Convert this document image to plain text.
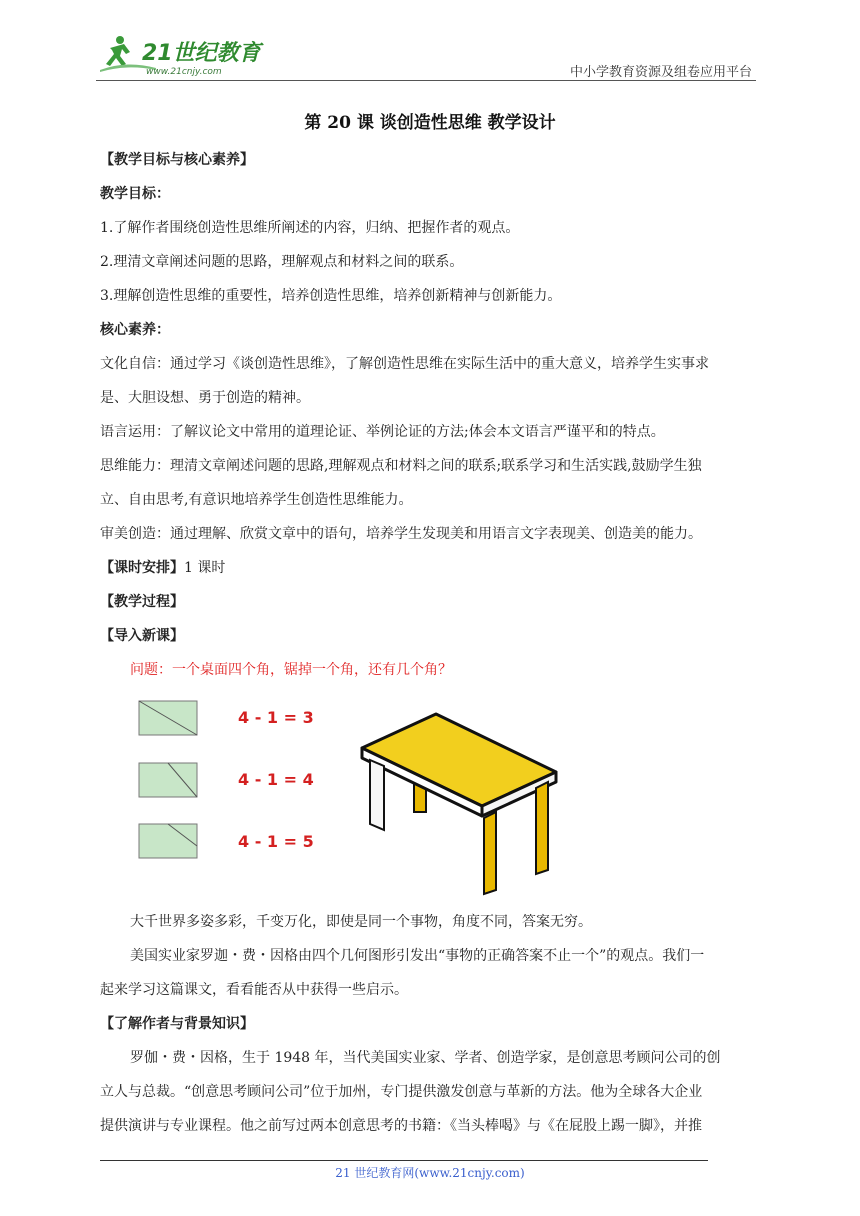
21世纪教育
www.21cnjy.com	中小学教育资源及组卷应用平台
第 20 课 谈创造性思维 教学设计
【教学目标与核心素养】
教学目标：
1.了解作者围绕创造性思维所阐述的内容，归纳、把握作者的观点。
2.理清文章阐述问题的思路，理解观点和材料之间的联系。
3.理解创造性思维的重要性，培养创造性思维，培养创新精神与创新能力。
核心素养：
文化自信：通过学习《谈创造性思维》，了解创造性思维在实际生活中的重大意义，培养学生实事求
是、大胆设想、勇于创造的精神。
语言运用：了解议论文中常用的道理论证、举例论证的方法;体会本文语言严谨平和的特点。
思维能力：理清文章阐述问题的思路,理解观点和材料之间的联系;联系学习和生活实践,鼓励学生独
立、自由思考,有意识地培养学生创造性思维能力。
审美创造：通过理解、欣赏文章中的语句，培养学生发现美和用语言文字表现美、创造美的能力。
【课时安排】1 课时
【教学过程】
【导入新课】
问题：一个桌面四个角，锯掉一个角，还有几个角？
4 - 1 = 3
4 - 1 = 4
4 - 1 = 5
大千世界多姿多彩，千变万化，即使是同一个事物，角度不同，答案无穷。
美国实业家罗迦・费・因格由四个几何图形引发出“事物的正确答案不止一个”的观点。我们一
起来学习这篇课文，看看能否从中获得一些启示。
【了解作者与背景知识】
罗伽・费・因格，生于 1948 年，当代美国实业家、学者、创造学家，是创意思考顾问公司的创
立人与总裁。“创意思考顾问公司”位于加州，专门提供激发创意与革新的方法。他为全球各大企业
提供演讲与专业课程。他之前写过两本创意思考的书籍：《当头棒喝》与《在屁股上踢一脚》，并推
21 世纪教育网(www.21cnjy.com)
